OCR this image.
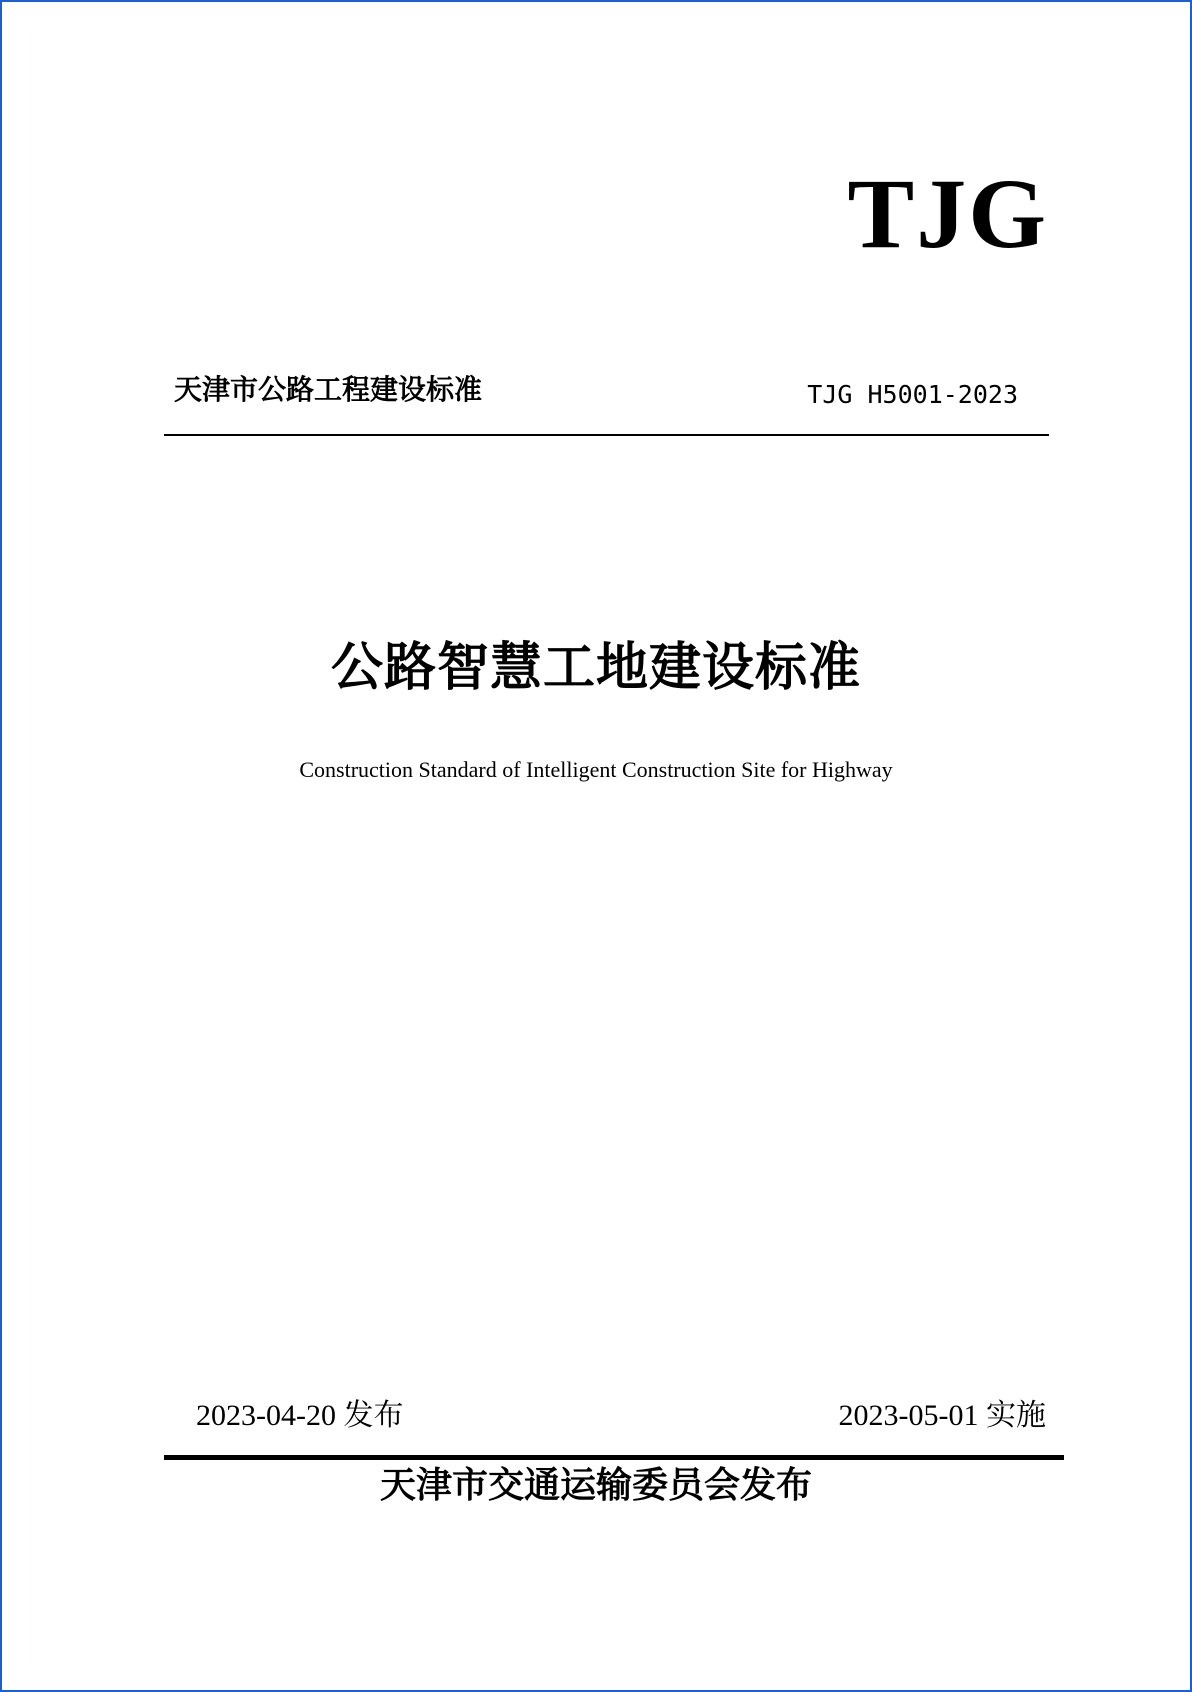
TJG
天津市公路工程建设标准	TJG H5001-2023
公路智慧工地建设标准
Construction Standard of Intelligent Construction Site for Highway
2023-04-20 发布	2023-05-01 实施
天津市交通运输委员会发布
